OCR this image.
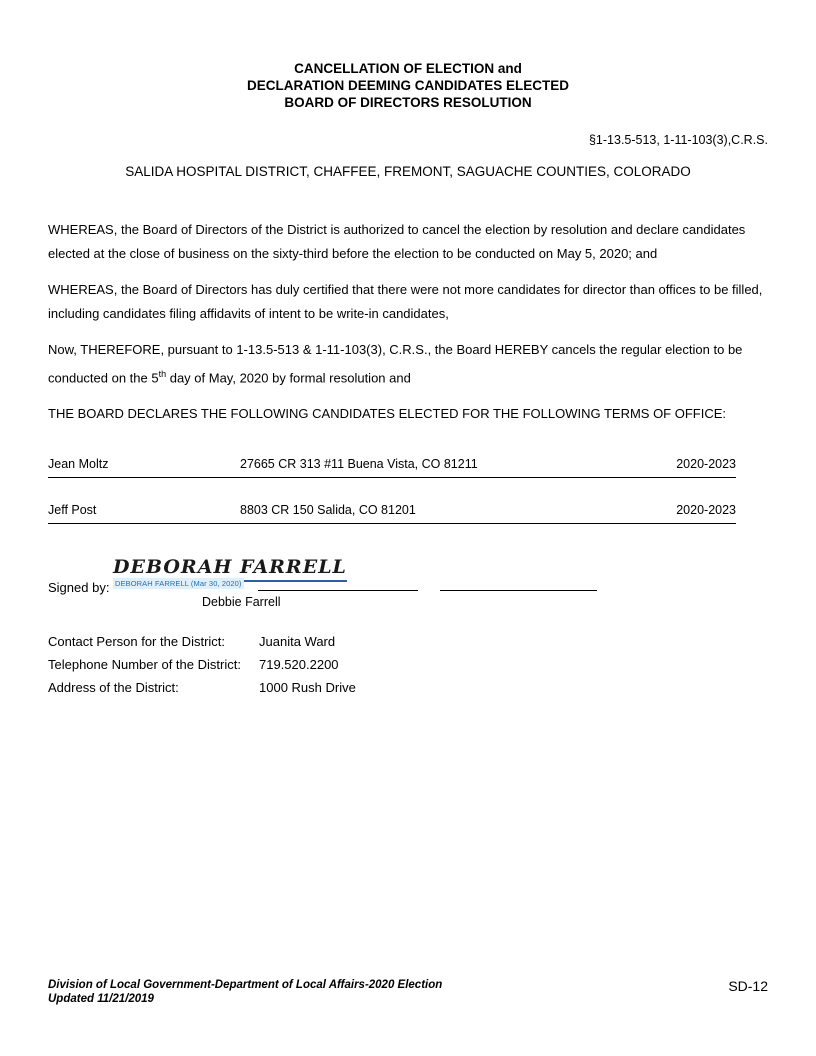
CANCELLATION OF ELECTION and
DECLARATION DEEMING CANDIDATES ELECTED
BOARD OF DIRECTORS RESOLUTION
§1-13.5-513, 1-11-103(3),C.R.S.
SALIDA HOSPITAL DISTRICT, CHAFFEE, FREMONT, SAGUACHE COUNTIES, COLORADO
WHEREAS, the Board of Directors of the District is authorized to cancel the election by resolution and declare candidates elected at the close of business on the sixty-third before the election to be conducted on May 5, 2020; and
WHEREAS, the Board of Directors has duly certified that there were not more candidates for director than offices to be filled, including candidates filing affidavits of intent to be write-in candidates,
Now, THEREFORE, pursuant to 1-13.5-513 & 1-11-103(3), C.R.S., the Board HEREBY cancels the regular election to be conducted on the 5th day of May, 2020 by formal resolution and
THE BOARD DECLARES THE FOLLOWING CANDIDATES ELECTED FOR THE FOLLOWING TERMS OF OFFICE:
Jean Moltz	27665 CR 313 #11 Buena Vista, CO 81211	2020-2023
Jeff Post	8803 CR 150 Salida, CO 81201	2020-2023
DEBORAH FARRELL
DEBORAH FARRELL (Mar 30, 2020)
Signed by:
Debbie Farrell
Contact Person for the District:	Juanita Ward
Telephone Number of the District: 719.520.2200
Address of the District:	1000 Rush Drive
Division of Local Government-Department of Local Affairs-2020 Election
Updated 11/21/2019
SD-12
